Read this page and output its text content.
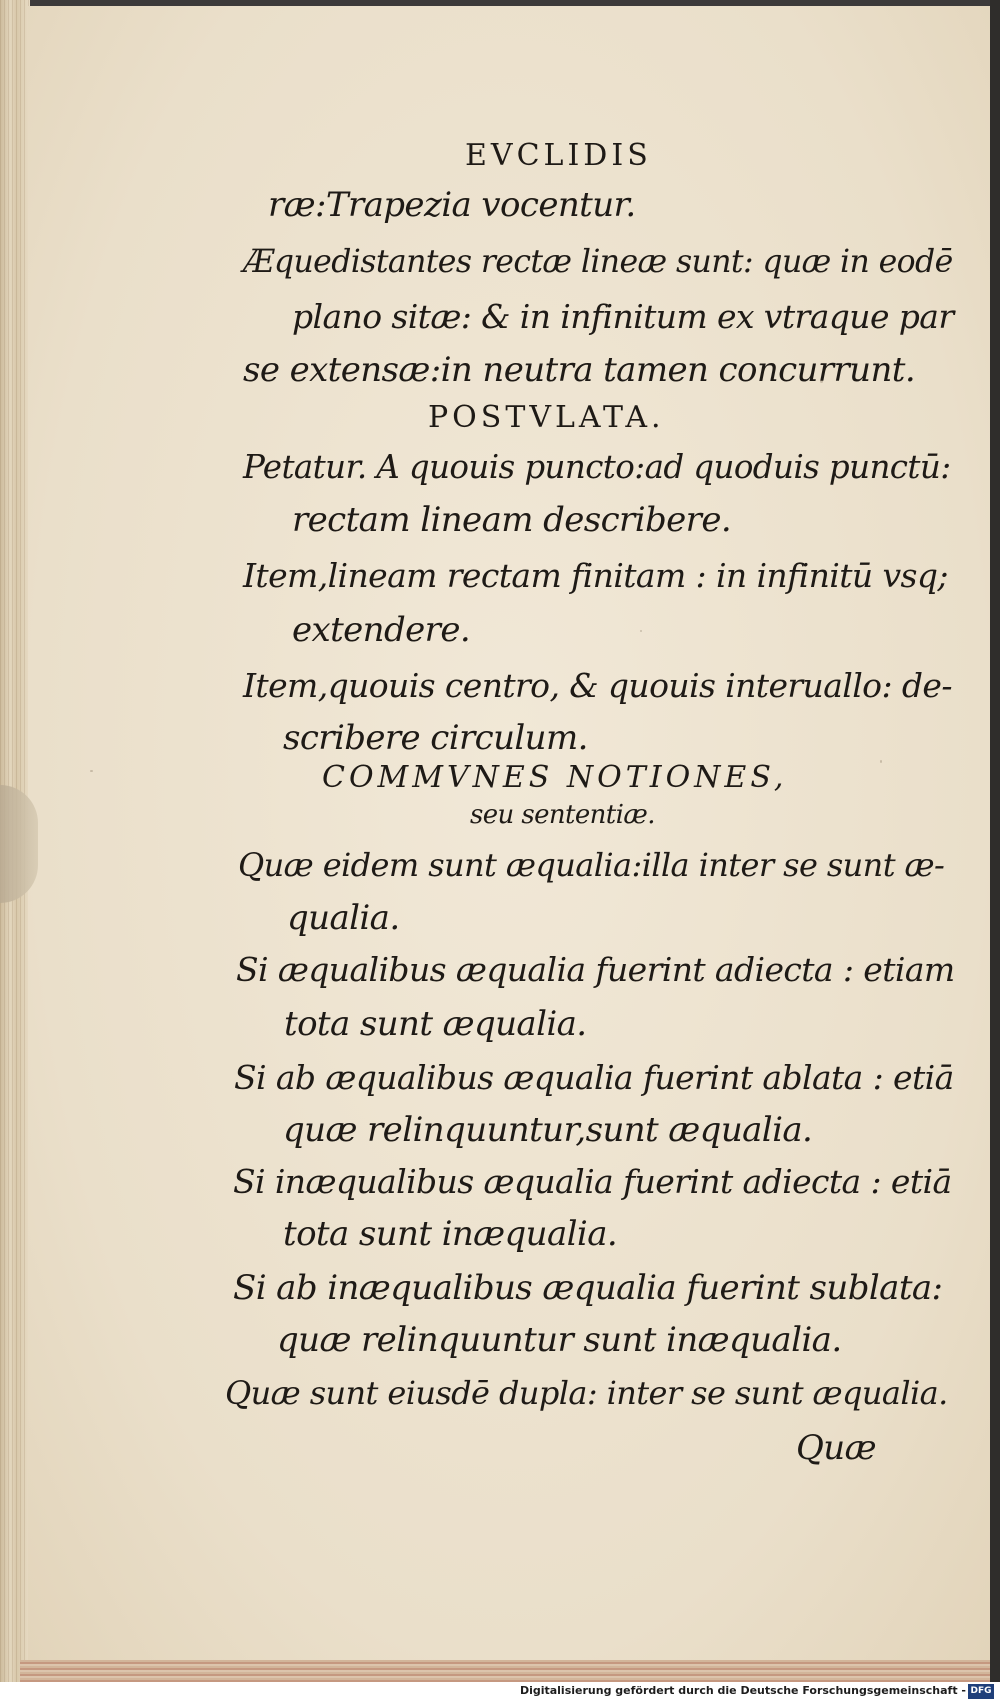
EVCLIDIS
ræ:Trapezia vocentur.
Æquedistantes rectæ lineæ sunt: quæ in eodē
plano sitæ: & in infinitum ex vtraque par
se extensæ:in neutra tamen concurrunt.
POSTVLATA.
Petatur. A quouis puncto:ad quoduis punctū:
rectam lineam describere.
Item,lineam rectam finitam : in infinitū vsq;
extendere.
Item,quouis centro, & quouis interuallo: de-
scribere circulum.
COMMVNES NOTIONES,
seu sententiæ.
Quæ eidem sunt æqualia:illa inter se sunt æ-
qualia.
Si æqualibus æqualia fuerint adiecta : etiam
tota sunt æqualia.
Si ab æqualibus æqualia fuerint ablata : etiā
quæ relinquuntur,sunt æqualia.
Si inæqualibus æqualia fuerint adiecta : etiā
tota sunt inæqualia.
Si ab inæqualibus æqualia fuerint sublata:
quæ relinquuntur sunt inæqualia.
Quæ sunt eiusdē dupla: inter se sunt æqualia.
Quæ
Digitalisierung gefördert durch die Deutsche Forschungsgemeinschaft - DFG
